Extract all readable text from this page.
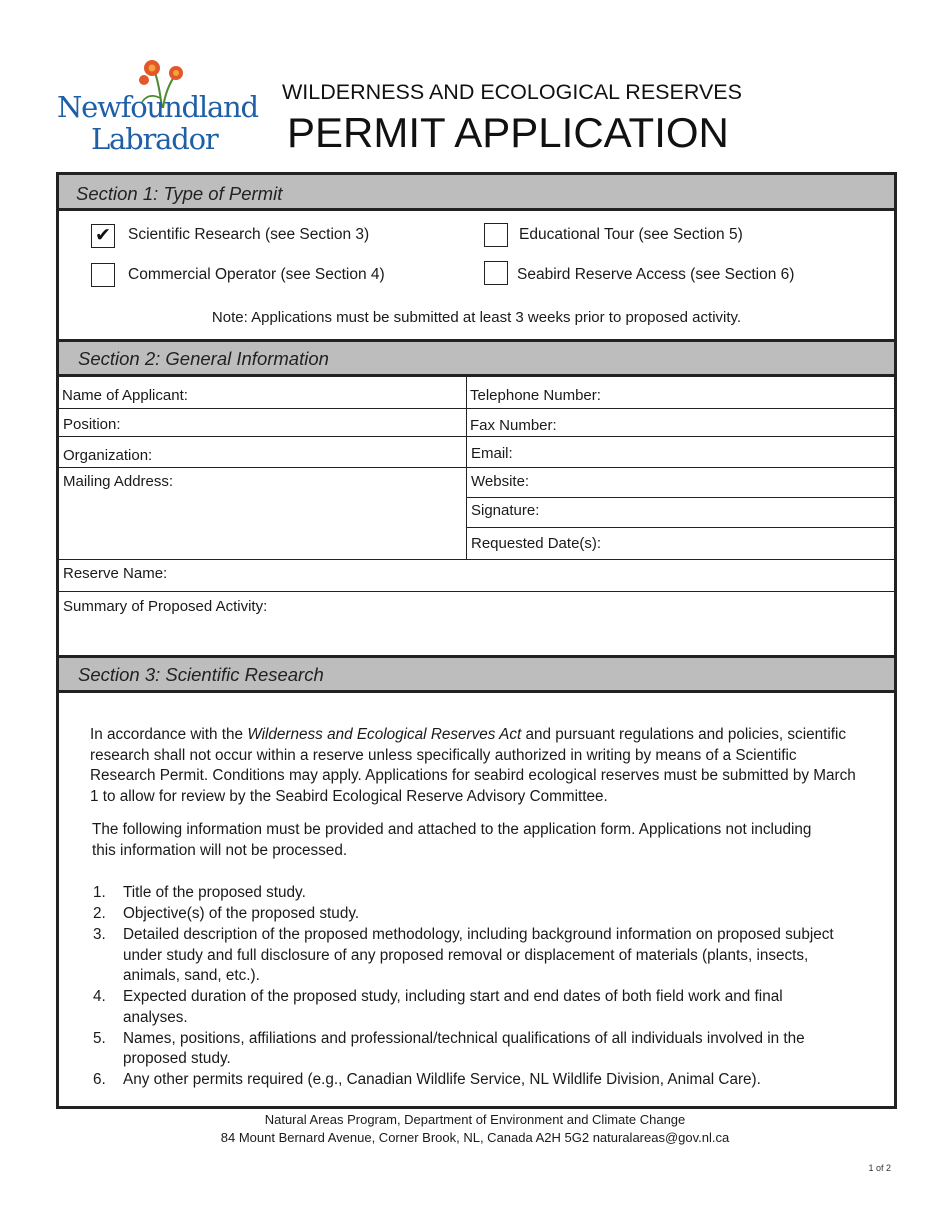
Newfoundland
Labrador
WILDERNESS AND ECOLOGICAL RESERVES
PERMIT APPLICATION
Section 1: Type of Permit
✔ Scientific Research (see Section 3)	Educational Tour (see Section 5)
Commercial Operator (see Section 4)	Seabird Reserve Access (see Section 6)
Note: Applications must be submitted at least 3 weeks prior to proposed activity.
Section 2: General Information
Name of Applicant:
Position:
Organization:
Mailing Address:
Telephone Number:
Fax Number:
Email:
Website:
Signature:
Requested Date(s):
Reserve Name:
Summary of Proposed Activity:
Section 3: Scientific Research
In accordance with the Wilderness and Ecological Reserves Act and pursuant regulations and policies, scientific research shall not occur within a reserve unless specifically authorized in writing by means of a Scientific Research Permit. Conditions may apply. Applications for seabird ecological reserves must be submitted by March 1 to allow for review by the Seabird Ecological Reserve Advisory Committee.
The following information must be provided and attached to the application form. Applications not including this information will not be processed.
1. Title of the proposed study.
2. Objective(s) of the proposed study.
3. Detailed description of the proposed methodology, including background information on proposed subject under study and full disclosure of any proposed removal or displacement of materials (plants, insects, animals, sand, etc.).
4. Expected duration of the proposed study, including start and end dates of both field work and final analyses.
5. Names, positions, affiliations and professional/technical qualifications of all individuals involved in the proposed study.
6. Any other permits required (e.g., Canadian Wildlife Service, NL Wildlife Division, Animal Care).
Natural Areas Program, Department of Environment and Climate Change
84 Mount Bernard Avenue, Corner Brook, NL, Canada A2H 5G2 naturalareas@gov.nl.ca
1 of 2
